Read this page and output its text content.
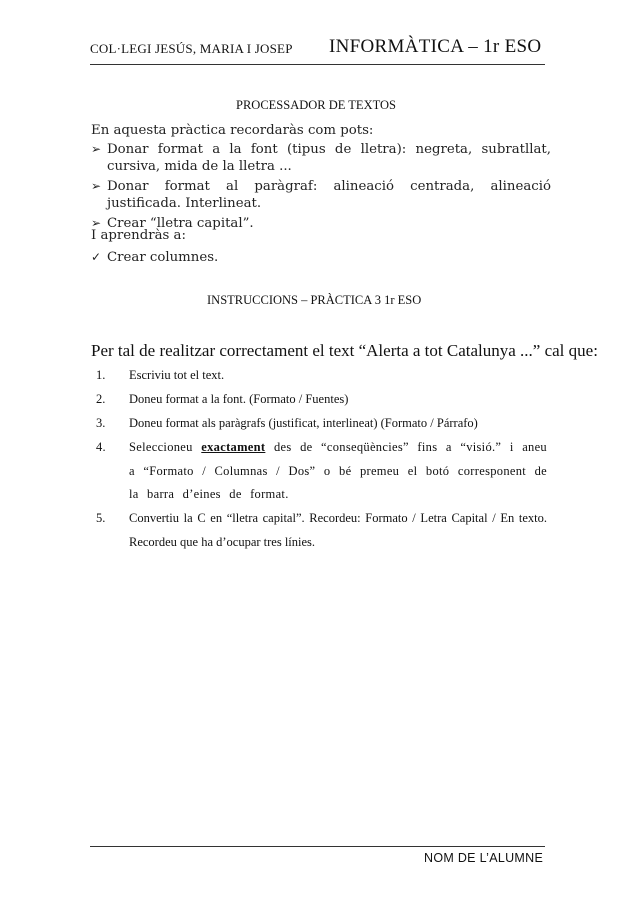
COL·LEGI JESÚS, MARIA I JOSEP INFORMÀTICA – 1r ESO
PROCESSADOR DE TEXTOS
En aquesta pràctica recordaràs com pots:
➢ Donar format a la font (tipus de lletra): negreta, subratllat, cursiva, mida de la lletra ...
➢ Donar format al paràgraf: alineació centrada, alineació justificada. Interlineat.
➢ Crear “lletra capital”.
I aprendràs a:
✓ Crear columnes.
INSTRUCCIONS – PRÀCTICA 3 1r ESO
Per tal de realitzar correctament el text “Alerta a tot Catalunya ...” cal que:
1. Escriviu tot el text.
2. Doneu format a la font. (Formato / Fuentes)
3. Doneu format als paràgrafs (justificat, interlineat) (Formato / Párrafo)
4. Seleccioneu exactament des de “conseqüències” fins a “visió.” i aneu a “Formato / Columnas / Dos” o bé premeu el botó corresponent de la barra d’eines de format.
5. Convertiu la C en “lletra capital”. Recordeu: Formato / Letra Capital / En texto. Recordeu que ha d’ocupar tres línies.
NOM DE L’ALUMNE
